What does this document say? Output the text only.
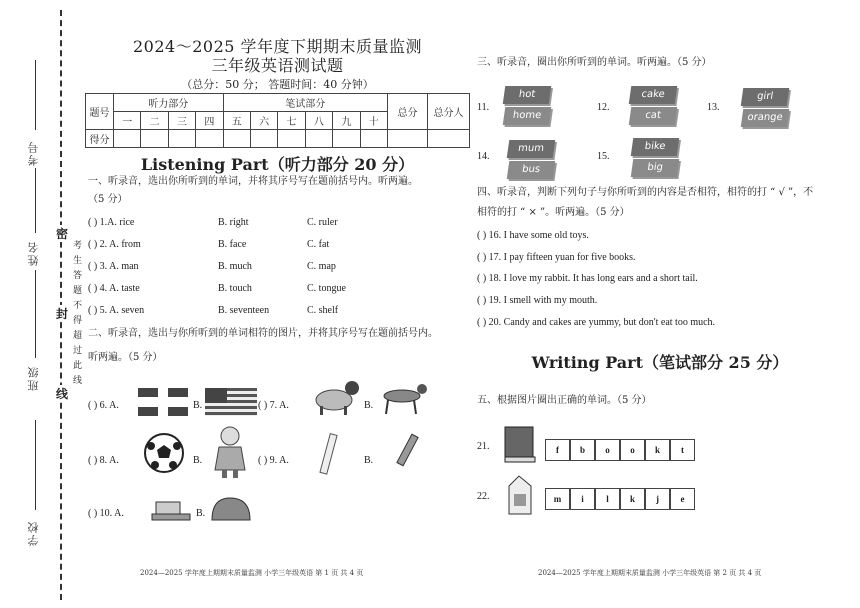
考号
姓名
班级
学校
密
封
线
考生答题不得超过此线
2024～2025 学年度下期期末质量监测
三年级英语测试题
（总分：50 分； 答题时间：40 分钟）
题号	听力部分				笔试部分						总分	总分人
	一	二	三	四	五	六	七	八	九	十		
得分												
Listening Part（听力部分 20 分）
一、听录音，选出你所听到的单词，并将其序号写在题前括号内。听两遍。
（5 分）
( ) 1.A. rice	B. right	C. ruler
( ) 2. A. from	B. face	C. fat
( ) 3. A. man	B. much	C. map
( ) 4. A. taste	B. touch	C. tongue
( ) 5. A. seven	B. seventeen	C. shelf
二、听录音，选出与你所听到的单词相符的图片，并将其序号写在题前括号内。
听两遍。（5 分）
( ) 6. A.	B.	( ) 7. A.	B.
( ) 8. A.	B.	( ) 9. A.	B.
( ) 10. A.	B.
三、听录音，圈出你所听到的单词。听两遍。（5 分）
11.
hot
home
12.
cake
cat
13.
girl
orange
14.
mum
bus
15.
bike
big
四、听录音，判断下列句子与你所听到的内容是否相符，相符的打 “ √ ”，不
相符的打 “ × ”。听两遍。（5 分）
( ) 16. I have some old toys.
( ) 17. I pay fifteen yuan for five books.
( ) 18. I love my rabbit. It has long ears and a short tail.
( ) 19. I smell with my mouth.
( ) 20. Candy and cakes are yummy, but don't eat too much.
Writing Part（笔试部分 25 分）
五、根据图片圈出正确的单词。（5 分）
21.	f b o o k t
22.	m i l k j e
2024—2025 学年度上期期末质量监测 小学三年级英语 第 1 页 共 4 页	2024—2025 学年度上期期末质量监测 小学三年级英语 第 2 页 共 4 页
